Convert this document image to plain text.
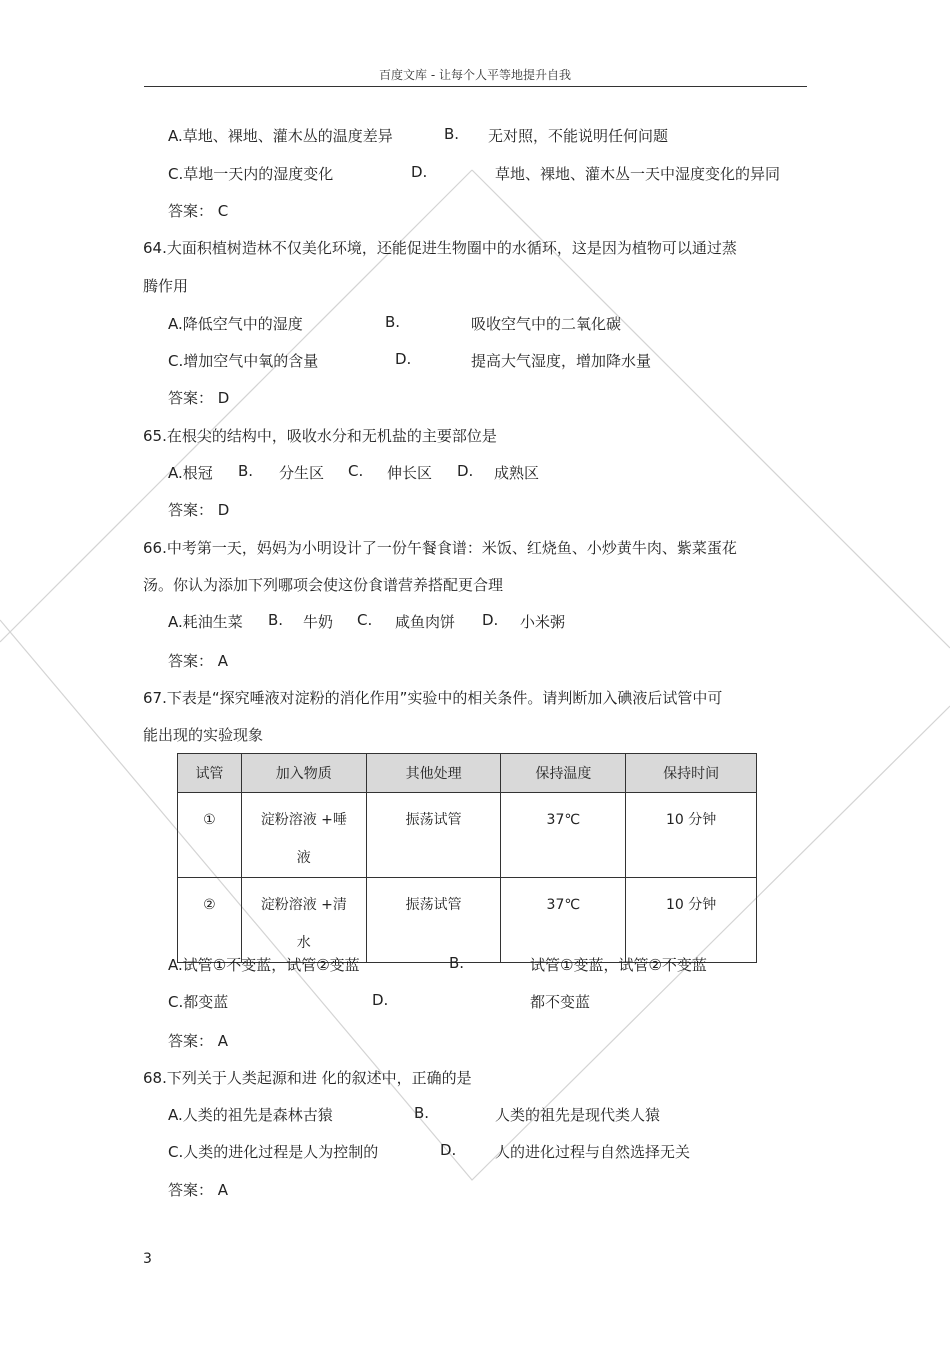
百度文库 - 让每个人平等地提升自我
A.草地、裸地、灌木丛的温度差异	B. 无对照，不能说明任何问题
C.草地一天内的湿度变化	D.	草地、裸地、灌木丛一天中湿度变化的异同
答案： C
64.大面积植树造林不仅美化环境，还能促进生物圈中的水循环，这是因为植物可以通过蒸
腾作用
A.降低空气中的湿度	B.	吸收空气中的二氧化碳
C.增加空气中氧的含量	D.	提高大气湿度，增加降水量
答案： D
65.在根尖的结构中，吸收水分和无机盐的主要部位是
A.根冠 B. 分生区 C. 伸长区 D. 成熟区
答案： D
66.中考第一天，妈妈为小明设计了一份午餐食谱：米饭、红烧鱼、小炒黄牛肉、紫菜蛋花
汤。你认为添加下列哪项会使这份食谱营养搭配更合理
A.耗油生菜 B. 牛奶 C. 咸鱼肉饼 D. 小米粥
答案： A
67.下表是“探究唾液对淀粉的消化作用”实验中的相关条件。请判断加入碘液后试管中可
能出现的实验现象
试管	加入物质	其他处理	保持温度	保持时间
①	淀粉溶液 +唾液	振荡试管	37℃	10 分钟
②	淀粉溶液 +清水	振荡试管	37℃	10 分钟
A.试管①不变蓝，试管②变蓝	B.	试管①变蓝，试管②不变蓝
C.都变蓝	D.	都不变蓝
答案： A
68.下列关于人类起源和进 化的叙述中，正确的是
A.人类的祖先是森林古猿	B.	人类的祖先是现代类人猿
C.人类的进化过程是人为控制的	D.	人的进化过程与自然选择无关
答案： A
3
